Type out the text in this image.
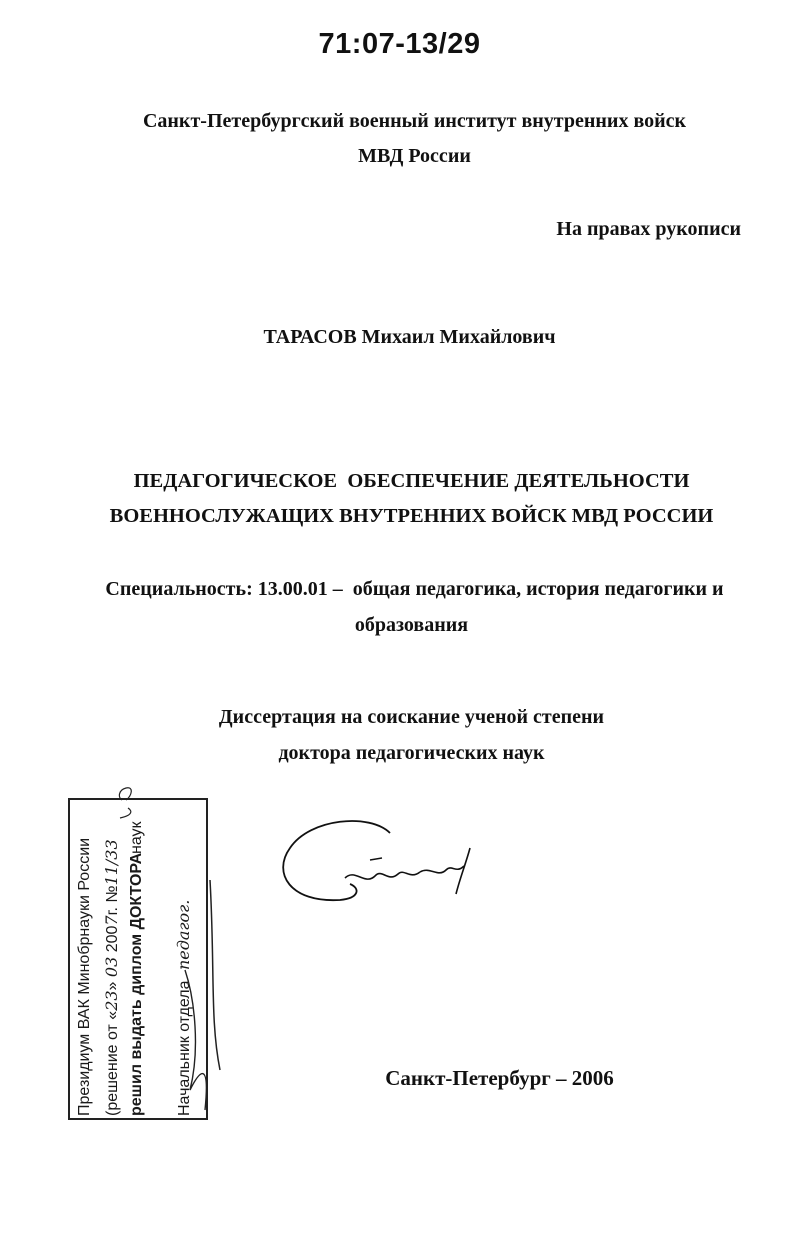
71:07-13/29
Санкт-Петербургский военный институт внутренних войск
МВД России
На правах рукописи
ТАРАСОВ Михаил Михайлович
ПЕДАГОГИЧЕСКОЕ  ОБЕСПЕЧЕНИЕ ДЕЯТЕЛЬНОСТИ
ВОЕННОСЛУЖАЩИХ ВНУТРЕННИХ ВОЙСК МВД РОССИИ
Специальность: 13.00.01 –  общая педагогика, история педагогики и
образования
Диссертация на соискание ученой степени
доктора педагогических наук
Президиум ВАК Минобрнауки России (решение от «23» 03 2007г. №11/33 решил выдать диплом ДОКТОРА
наук
Начальник отдела педагог.
Санкт-Петербург – 2006
